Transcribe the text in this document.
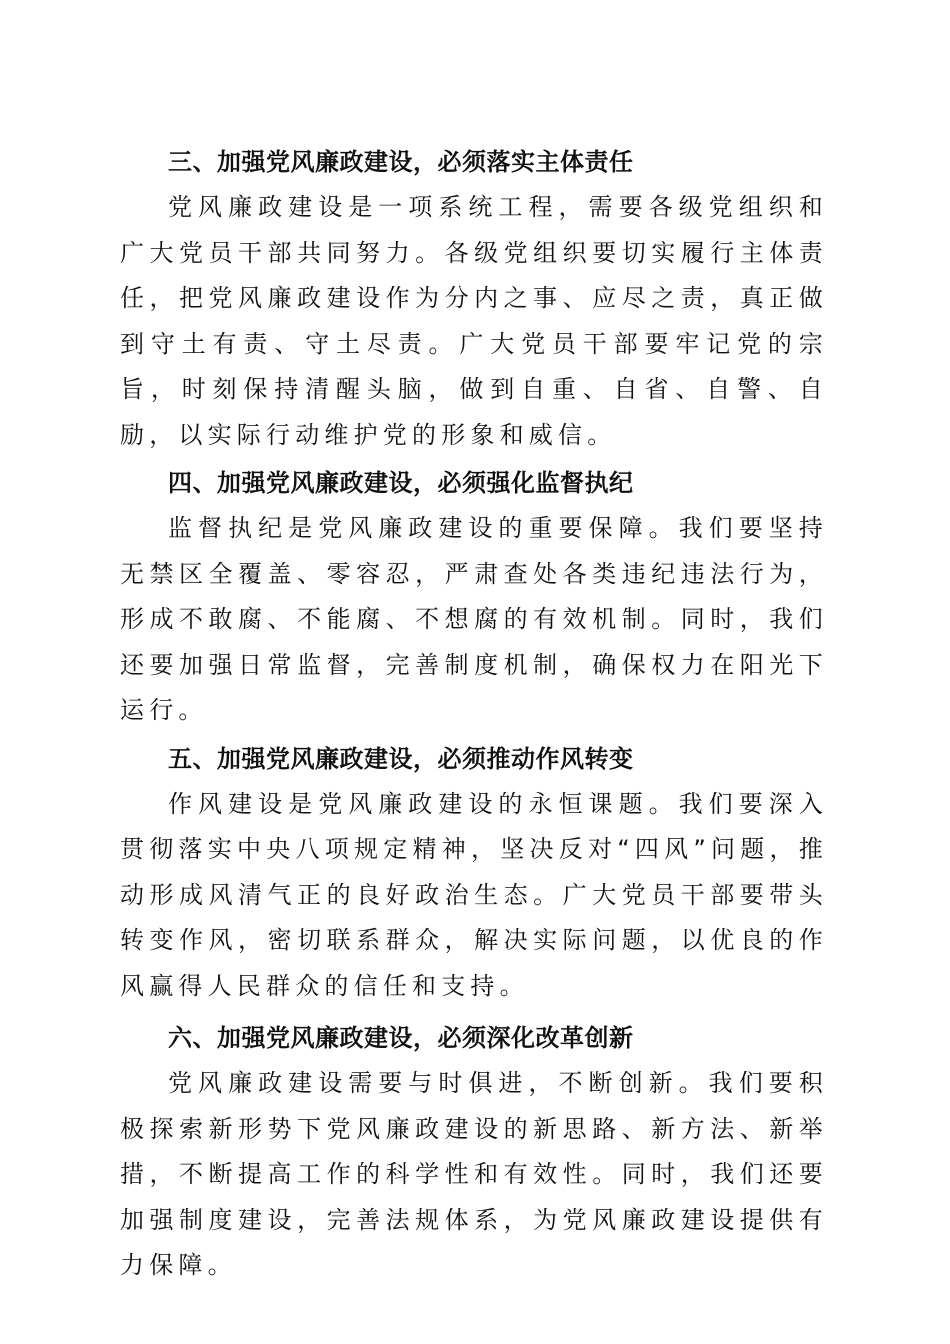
三、加强党风廉政建设，必须落实主体责任

党风廉政建设是一项系统工程，需要各级党组织和广大党员干部共同努力。各级党组织要切实履行主体责任，把党风廉政建设作为分内之事、应尽之责，真正做到守土有责、守土尽责。广大党员干部要牢记党的宗旨，时刻保持清醒头脑，做到自重、自省、自警、自励，以实际行动维护党的形象和威信。

四、加强党风廉政建设，必须强化监督执纪

监督执纪是党风廉政建设的重要保障。我们要坚持无禁区全覆盖、零容忍，严肃查处各类违纪违法行为，形成不敢腐、不能腐、不想腐的有效机制。同时，我们还要加强日常监督，完善制度机制，确保权力在阳光下运行。

五、加强党风廉政建设，必须推动作风转变

作风建设是党风廉政建设的永恒课题。我们要深入贯彻落实中央八项规定精神，坚决反对“四风”问题，推动形成风清气正的良好政治生态。广大党员干部要带头转变作风，密切联系群众，解决实际问题，以优良的作风赢得人民群众的信任和支持。

六、加强党风廉政建设，必须深化改革创新

党风廉政建设需要与时俱进，不断创新。我们要积极探索新形势下党风廉政建设的新思路、新方法、新举措，不断提高工作的科学性和有效性。同时，我们还要加强制度建设，完善法规体系，为党风廉政建设提供有力保障。
